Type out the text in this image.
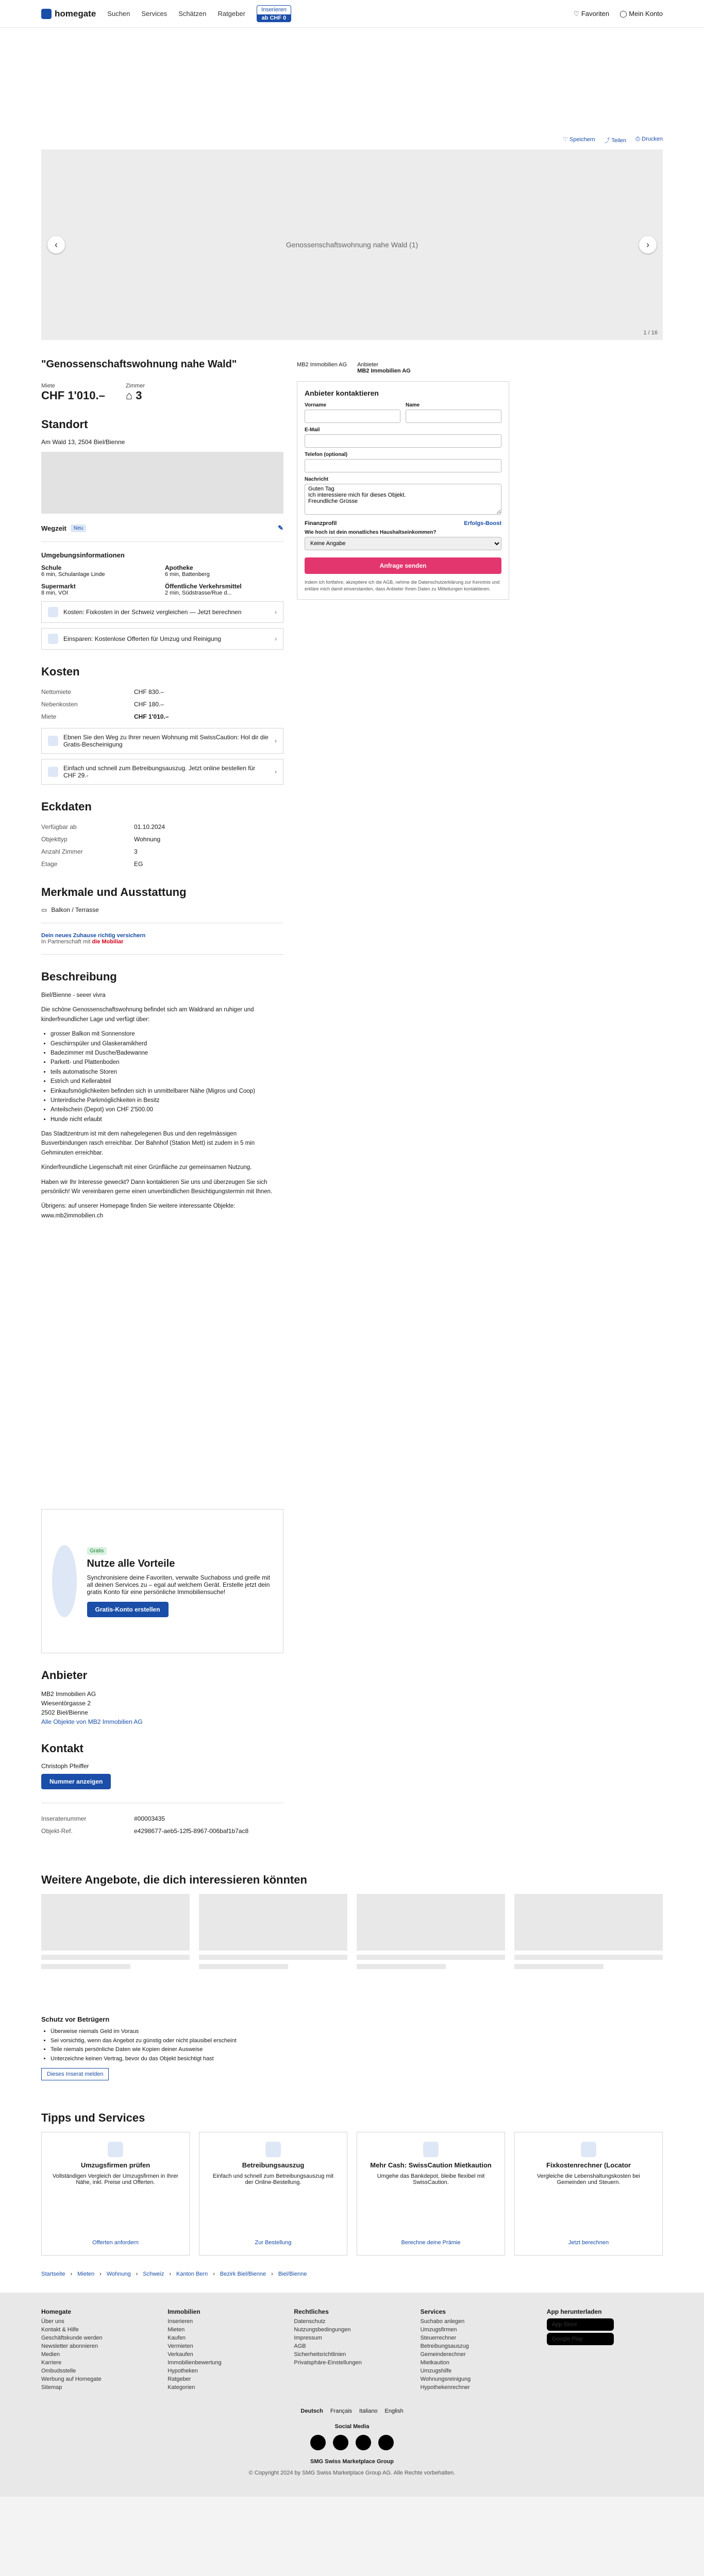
homegate Suchen Services Schätzen Ratgeber
Inserieren
ab CHF 0
♡ Favoriten ◯ Mein Konto
♡ Speichern ⤴ Teilen ⎙ Drucken
Genossenschaftswohnung nahe Wald (1)
‹	›
1 / 16
"Genossenschaftswohnung nahe Wald"
Miete
CHF 1'010.–
Zimmer
⌂ 3
Standort
Am Wald 13, 2504 Biel/Bienne
Wegzeit	Neu	✎
Umgebungsinformationen
Schule
6 min, Schulanlage Linde
Apotheke
6 min, Battenberg
Supermarkt
8 min, VOI
Öffentliche Verkehrsmittel
2 min, Südstrasse/Rue d...
Kosten: Fixkosten in der Schweiz vergleichen — Jetzt berechnen	›
Einsparen: Kostenlose Offerten für Umzug und Reinigung	›
Kosten
Nettomiete	CHF 830.–
Nebenkosten	CHF 180.–
Miete	CHF 1'010.–
Ebnen Sie den Weg zu Ihrer neuen Wohnung mit SwissCaution: Hol dir die Gratis-Bescheinigung	›
Einfach und schnell zum Betreibungsauszug. Jetzt online bestellen für CHF 29.-	›
Eckdaten
Verfügbar ab	01.10.2024
Objekttyp	Wohnung
Anzahl Zimmer	3
Etage	EG
Merkmale und Ausstattung
▭ Balkon / Terrasse
Dein neues Zuhause richtig versichern
In Partnerschaft mit die Mobiliar
Beschreibung

Biel/Bienne - seeer vivra

Die schöne Genossenschaftswohnung befindet sich am Waldrand an ruhiger und kinderfreundlicher Lage und verfügt über:

• grosser Balkon mit Sonnenstore
• Geschirrspüler und Glaskeramikherd
• Badezimmer mit Dusche/Badewanne
• Parkett- und Plattenboden
• teils automatische Storen
• Estrich und Kellerabteil
• Einkaufsmöglichkeiten befinden sich in unmittelbarer Nähe (Migros und Coop)
• Unterirdische Parkmöglichkeiten in Besitz
• Anteilschein (Depot) von CHF 2'500.00
• Hunde nicht erlaubt

Das Stadtzentrum ist mit dem nahegelegenen Bus und den regelmässigen Busverbindungen rasch erreichbar. Der Bahnhof (Station Mett) ist zudem in 5 min Gehminuten erreichbar.

Kinderfreundliche Liegenschaft mit einer Grünfläche zur gemeinsamen Nutzung.

Haben wir Ihr Interesse geweckt? Dann kontaktieren Sie uns und überzeugen Sie sich persönlich! Wir vereinbaren gerne einen unverbindlichen Besichtigungstermin mit Ihnen.

Übrigens: auf unserer Homepage finden Sie weitere interessante Objekte: www.mb2immobilien.ch

Gratis
Nutze alle Vorteile
Synchronisiere deine Favoriten, verwalte Suchaboss und greife mit all deinen Services zu – egal auf welchem Gerät. Erstelle jetzt dein gratis Konto für eine persönliche Immobiliensuche!
Gratis-Konto erstellen
Anbieter
MB2 Immobilien AG
Wiesentörgasse 2
2502 Biel/Bienne
Alle Objekte von MB2 Immobilien AG
Kontakt
Christoph Pfeiffer
Nummer anzeigen
Inseratenummer	#00003435
Objekt-Ref.	e4298677-aeb5-12f5-8967-006baf1b7ac8
MB2 Immobilien AG Anbieter
MB2 Immobilien AG
Anbieter kontaktieren
Vorname	Name
E-Mail
Telefon (optional)
Nachricht
Guten Tag Ich interessiere mich für dieses Objekt. Freundliche Grüsse
Finanzprofil	Erfolgs-Boost
Wie hoch ist dein monatliches Haushaltseinkommen?
Keine Angabe
Anfrage senden
Indem ich fortfahre, akzeptiere ich die AGB, nehme die Datenschutzerklärung zur Kenntnis und erkläre mich damit einverstanden, dass Anbieter Ihnen Daten zu Mitteilungen kontaktieren.
Weitere Angebote, die dich interessieren könnten
Schutz vor Betrügern
• Überweise niemals Geld im Voraus
• Sei vorsichtig, wenn das Angebot zu günstig oder nicht plausibel erscheint
• Teile niemals persönliche Daten wie Kopien deiner Ausweise
• Unterzeichne keinen Vertrag, bevor du das Objekt besichtigt hast
Dieses Inserat melden
Tipps und Services
Umzugsfirmen prüfen
Vollständigen Vergleich der Umzugsfirmen in Ihrer Nähe, inkl. Preise und Offerten.
Offerten anfordern
Betreibungsauszug
Einfach und schnell zum Betreibungsauszug mit der Online-Bestellung.
Zur Bestellung
Mehr Cash: SwissCaution Mietkaution
Umgehe das Bankdepot, bleibe flexibel mit SwissCaution.
Berechne deine Prämie
Fixkostenrechner (Locator
Vergleiche die Lebenshaltungskosten bei Gemeinden und Steuern.
Jetzt berechnen
Startseite › Mieten › Wohnung › Schweiz › Kanton Bern › Bezirk Biel/Bienne › Biel/Bienne
Homegate
Über uns
Kontakt & Hilfe
Geschäftskunde werden
Newsletter abonnieren
Medien
Karriere
Ombudsstelle
Werbung auf Homegate
Sitemap
Immobilien
Inserieren
Mieten
Kaufen
Vermieten
Verkaufen
Immobilienbewertung
Hypotheken
Ratgeber
Kategorien
Rechtliches
Datenschutz
Nutzungsbedingungen
Impressum
AGB
Sicherheitsrichtlinien
Privatsphäre-Einstellungen
Services
Suchabo anlegen
Umzugsfirmen
Steuerrechner
Betreibungsauszug
Gemeinderechner
Mietkaution
Umzugshilfe
Wohnungsreinigung
Hypothekenrechner
App herunterladen
App Store
Google Play
Deutsch Français Italiano English
Social Media
SMG Swiss Marketplace Group
© Copyright 2024 by SMG Swiss Marketplace Group AG. Alle Rechte vorbehalten.
